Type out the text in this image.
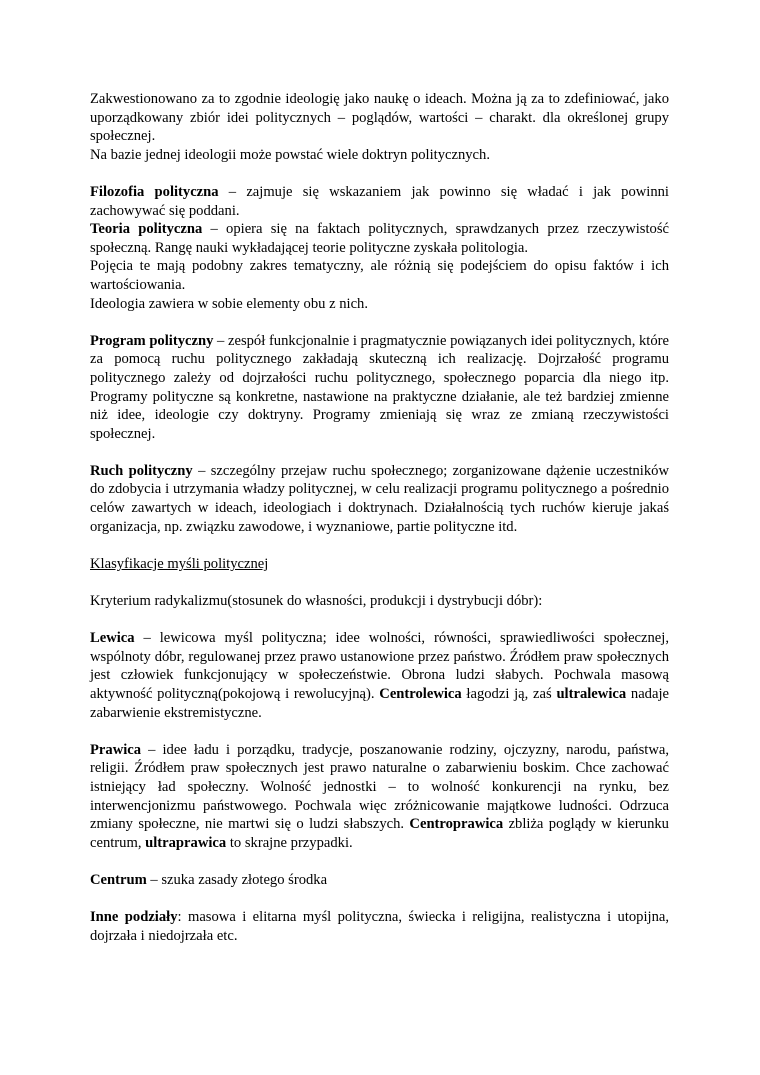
Zakwestionowano za to zgodnie ideologię jako naukę o ideach. Można ją za to zdefiniować, jako uporządkowany zbiór idei politycznych – poglądów, wartości – charakt. dla określonej grupy społecznej.

Na bazie jednej ideologii może powstać wiele doktryn politycznych.

Filozofia polityczna – zajmuje się wskazaniem jak powinno się władać i jak powinni zachowywać się poddani.

Teoria polityczna – opiera się na faktach politycznych, sprawdzanych przez rzeczywistość społeczną. Rangę nauki wykładającej teorie polityczne zyskała politologia.

Pojęcia te mają podobny zakres tematyczny, ale różnią się podejściem do opisu faktów i ich wartościowania.

Ideologia zawiera w sobie elementy obu z nich.

Program polityczny – zespół funkcjonalnie i pragmatycznie powiązanych idei politycznych, które za pomocą ruchu politycznego zakładają skuteczną ich realizację. Dojrzałość programu politycznego zależy od dojrzałości ruchu politycznego, społecznego poparcia dla niego itp. Programy polityczne są konkretne, nastawione na praktyczne działanie, ale też bardziej zmienne niż idee, ideologie czy doktryny. Programy zmieniają się wraz ze zmianą rzeczywistości społecznej.

Ruch polityczny – szczególny przejaw ruchu społecznego; zorganizowane dążenie uczestników do zdobycia i utrzymania władzy politycznej, w celu realizacji programu politycznego a pośrednio celów zawartych w ideach, ideologiach i doktrynach. Działalnością tych ruchów kieruje jakaś organizacja, np. związku zawodowe, i wyznaniowe, partie polityczne itd.

Klasyfikacje myśli politycznej

Kryterium radykalizmu(stosunek do własności, produkcji i dystrybucji dóbr):

Lewica – lewicowa myśl polityczna; idee wolności, równości, sprawiedliwości społecznej, wspólnoty dóbr, regulowanej przez prawo ustanowione przez państwo. Źródłem praw społecznych jest człowiek funkcjonujący w społeczeństwie. Obrona ludzi słabych. Pochwala masową aktywność polityczną(pokojową i rewolucyjną). Centrolewica łagodzi ją, zaś ultralewica nadaje zabarwienie ekstremistyczne.

Prawica – idee ładu i porządku, tradycje, poszanowanie rodziny, ojczyzny, narodu, państwa, religii. Źródłem praw społecznych jest prawo naturalne o zabarwieniu boskim. Chce zachować istniejący ład społeczny. Wolność jednostki – to wolność konkurencji na rynku, bez interwencjonizmu państwowego. Pochwala więc zróżnicowanie majątkowe ludności. Odrzuca zmiany społeczne, nie martwi się o ludzi słabszych. Centroprawica zbliża poglądy w kierunku centrum, ultraprawica to skrajne przypadki.

Centrum – szuka zasady złotego środka

Inne podziały: masowa i elitarna myśl polityczna, świecka i religijna, realistyczna i utopijna, dojrzała i niedojrzała etc.
